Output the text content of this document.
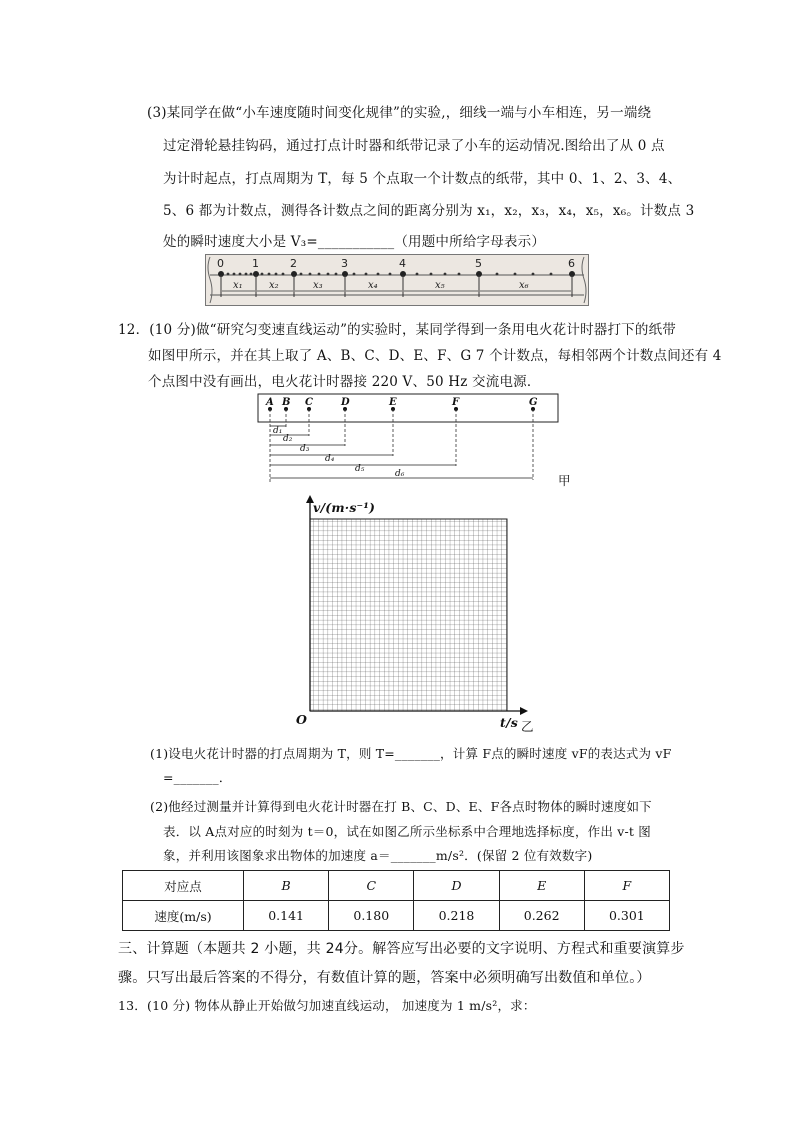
(3)某同学在做“小车速度随时间变化规律”的实验,，细线一端与小车相连，另一端绕
过定滑轮悬挂钩码，通过打点计时器和纸带记录了小车的运动情况.图给出了从 0 点
为计时起点，打点周期为 T，每 5 个点取一个计数点的纸带，其中 0、1、2、3、4、
5、6 都为计数点，测得各计数点之间的距离分别为 x₁，x₂，x₃，x₄，x₅，x₆。计数点 3
处的瞬时速度大小是 V₃=___________（用题中所给字母表示）
0	1	2	3	4	5	6
x₁	x₂	x₃	x₄	x₅	x₆
12．(10 分)做“研究匀变速直线运动”的实验时，某同学得到一条用电火花计时器打下的纸带
如图甲所示，并在其上取了 A、B、C、D、E、F、G 7 个计数点，每相邻两个计数点间还有 4
个点图中没有画出，电火花计时器接 220 V、50 Hz 交流电源．
A B C	D	E	F	G
d₁
d₂
d₃
d₄
d₅	d₆	甲
v/(m·s⁻¹)
O	t/s 乙
(1)设电火花计时器的打点周期为 T，则 T=_______，计算 F点的瞬时速度 vF的表达式为 vF
=_______．
(2)他经过测量并计算得到电火花计时器在打 B、C、D、E、F各点时物体的瞬时速度如下
表．以 A点对应的时刻为 t＝0，试在如图乙所示坐标系中合理地选择标度，作出 v-t 图
象，并利用该图象求出物体的加速度 a＝_______m/s²．(保留 2 位有效数字)
对应点	B	C	D	E	F
速度(m/s)	0.141	0.180	0.218	0.262	0.301
三、计算题（本题共 2 小题，共 24分。解答应写出必要的文字说明、方程式和重要演算步
骤。只写出最后答案的不得分，有数值计算的题，答案中必须明确写出数值和单位。）
13．(10 分) 物体从静止开始做匀加速直线运动， 加速度为 1 m/s²，求：
